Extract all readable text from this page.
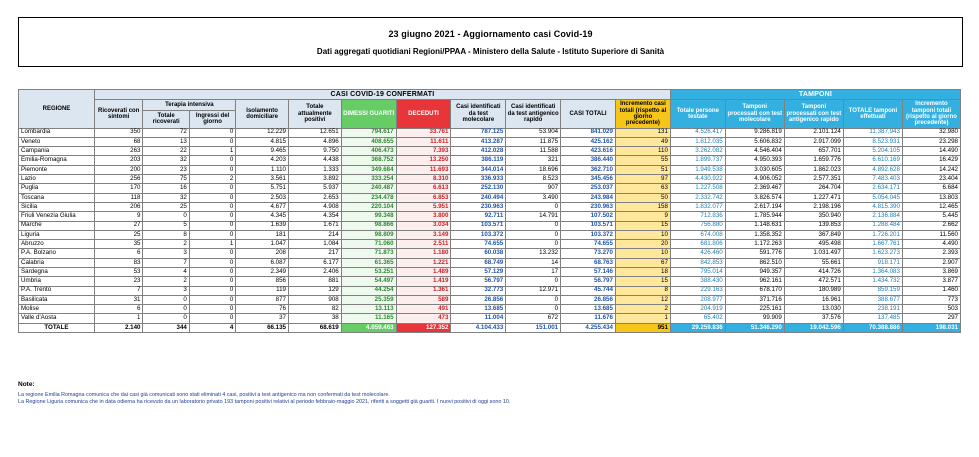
23 giugno 2021 - Aggiornamento casi Covid-19
Dati aggregati quotidiani Regioni/PPAA - Ministero della Salute - Istituto Superiore di Sanità
REGIONE	CASI COVID-19 CONFERMATI											TAMPONI				
	Ricoverati con sintomi	Terapia intensiva		Isolamento domiciliare	Totale attualmente positivi	DIMESSI GUARITI	DECEDUTI	Casi identificati da test molecolare	Casi identificati da test antigenico rapido	CASI TOTALI	Incremento casi totali (rispetto al giorno precedente)	Totale persone testate	Tamponi processati con test molecolare	Tamponi processati con test antigenico rapido	TOTALE tamponi effettuati	Incremento tamponi totali (rispetto al giorno precedente)
		Totale ricoverati	Ingressi del giorno													
Lombardia	350	72	0	12.229	12.651	794.617	33.761	787.125	53.904	841.029	131	4.526.417	9.286.819	2.101.124	11.387.943	32.980
Veneto	68	13	0	4.815	4.896	408.655	11.611	413.287	11.875	425.162	49	1.812.035	5.606.832	2.917.099	8.523.931	23.298
Campania	263	22	1	9.465	9.750	406.473	7.393	412.028	11.588	423.616	110	3.262.082	4.546.404	657.701	5.204.105	14.490
Emilia-Romagna	203	32	0	4.203	4.438	368.752	13.250	386.119	321	386.440	55	1.899.737	4.950.393	1.659.776	6.610.169	16.429
Piemonte	200	23	0	1.110	1.333	349.684	11.693	344.014	18.696	362.710	51	1.949.538	3.030.605	1.862.023	4.892.628	14.242
Lazio	256	75	2	3.561	3.892	333.254	8.310	336.933	8.523	345.456	97	4.430.922	4.906.052	2.577.351	7.483.403	23.404
Puglia	170	16	0	5.751	5.937	240.487	6.613	252.130	907	253.037	63	1.227.508	2.369.467	264.704	2.634.171	6.684
Toscana	118	32	0	2.503	2.653	234.478	6.853	240.494	3.490	243.984	50	2.332.742	3.826.574	1.227.471	5.054.045	13.803
Sicilia	206	25	0	4.677	4.908	220.104	5.951	230.963	0	230.963	158	1.832.077	2.617.194	2.198.196	4.815.390	12.465
Friuli Venezia Giulia	9	0	0	4.345	4.354	99.348	3.800	92.711	14.791	107.502	9	712.836	1.785.944	350.940	2.136.884	5.445
Marche	27	5	0	1.639	1.671	98.866	3.034	103.571	0	103.571	15	756.880	1.148.631	139.853	1.288.484	2.662
Liguria	25	8	0	181	214	98.809	3.149	103.372	0	103.372	10	674.008	1.358.352	367.849	1.726.201	11.560
Abruzzo	35	2	1	1.047	1.084	71.060	2.511	74.655	0	74.655	20	681.806	1.172.263	495.498	1.667.761	4.490
P.A. Bolzano	6	3	0	208	217	71.873	1.180	60.038	13.232	73.270	10	426.460	591.776	1.031.497	1.623.273	2.393
Calabria	83	7	0	6.087	6.177	61.365	1.221	68.749	14	68.763	67	842.853	862.510	55.661	918.171	2.907
Sardegna	53	4	0	2.349	2.406	53.251	1.489	57.129	17	57.146	18	795.014	949.357	414.726	1.364.083	3.869
Umbria	23	2	0	856	881	54.497	1.419	56.797	0	56.797	15	388.430	962.161	472.571	1.434.732	3.877
P.A. Trento	7	3	0	119	129	44.254	1.361	32.773	12.971	45.744	8	229.163	678.170	180.989	859.159	1.460
Basilicata	31	0	0	877	908	25.359	589	26.856	0	26.856	12	208.977	371.716	16.961	388.677	773
Molise	6	0	0	76	82	13.113	491	13.685	0	13.685	2	204.919	225.161	13.030	238.191	503
Valle d'Aosta	1	0	0	37	38	11.165	473	11.004	672	11.676	1	65.402	99.909	37.576	137.485	297
TOTALE	2.140	344	4	66.135	68.619	4.059.463	127.352	4.104.433	151.001	4.255.434	951	29.259.836	51.346.290	19.042.596	70.388.886	198.031
Note:
La regione Emilia Romagna comunica che dai casi già comunicati sono stati eliminati 4 casi, positivi a test antigenico ma non confermati da test molecolare.
La Regione Liguria comunica che in data odierna ha ricevuto da un laboratorio privato 193 tamponi positivi relativi al periodo febbraio-maggio 2021, riferiti a soggetti già guariti. I nuovi positivi di oggi sono 10.
